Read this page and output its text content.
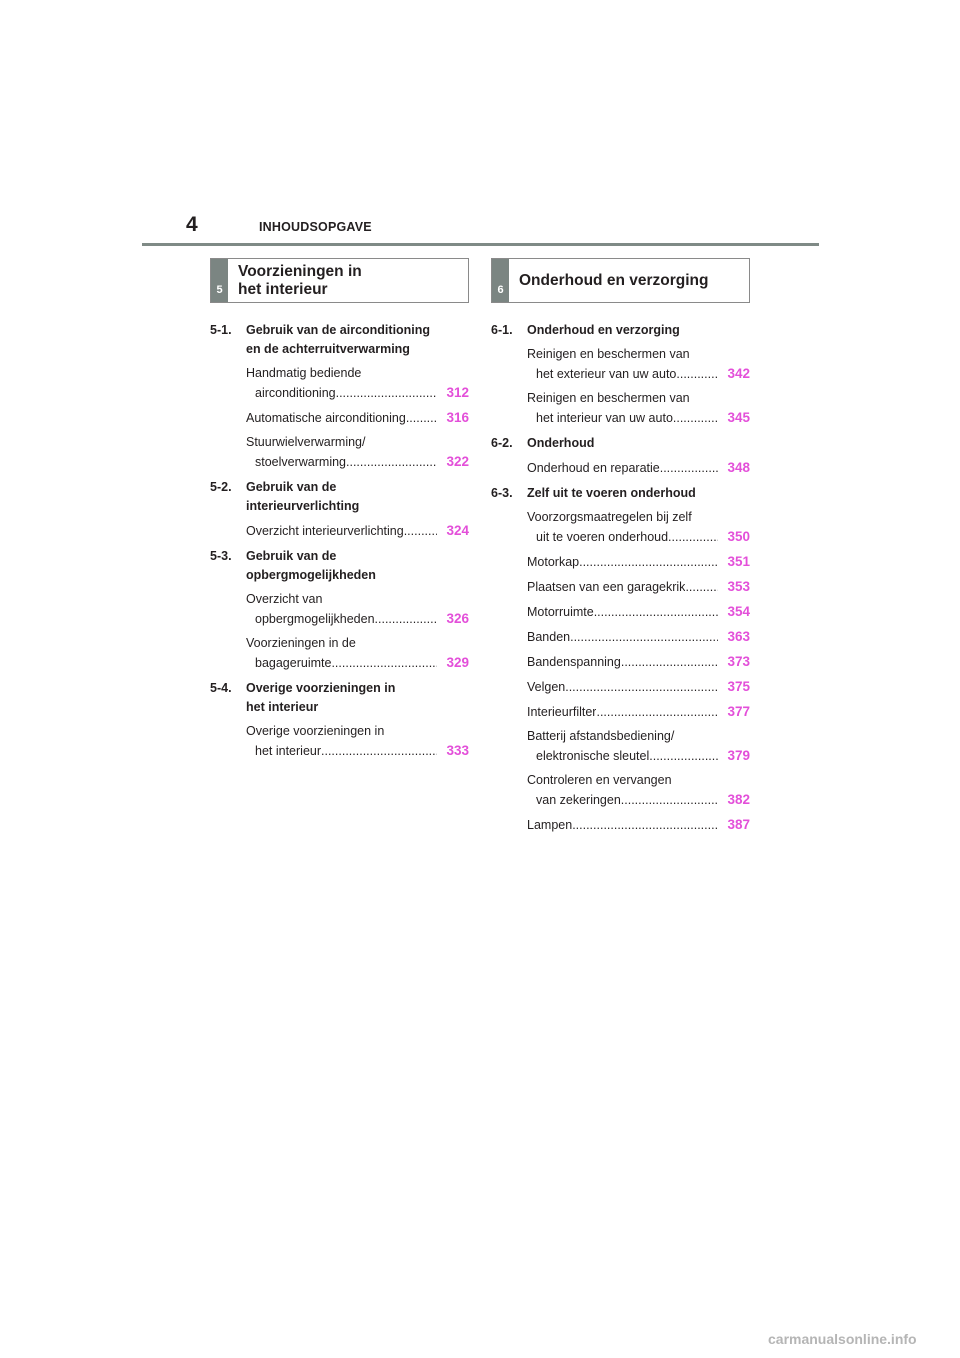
4	INHOUDSOPGAVE
5
Voorzieningen in
het interieur
5-1.	Gebruik van de airconditioning
en de achterruitverwarming
Handmatig bediende
airconditioning .....	312
Automatische airconditioning .....	316
Stuurwielverwarming/
stoelverwarming .....	322
5-2.	Gebruik van de
interieurverlichting
Overzicht interieurverlichting .....	324
5-3.	Gebruik van de
opbergmogelijkheden
Overzicht van
opbergmogelijkheden .....	326
Voorzieningen in de
bagageruimte .....	329
5-4.	Overige voorzieningen in
het interieur
Overige voorzieningen in
het interieur .....	333
6
Onderhoud en verzorging
6-1.	Onderhoud en verzorging
Reinigen en beschermen van
het exterieur van uw auto .....	342
Reinigen en beschermen van
het interieur van uw auto .....	345
6-2.	Onderhoud
Onderhoud en reparatie .....	348
6-3.	Zelf uit te voeren onderhoud
Voorzorgsmaatregelen bij zelf
uit te voeren onderhoud .....	350
Motorkap .....	351
Plaatsen van een garagekrik .....	353
Motorruimte .....	354
Banden .....	363
Bandenspanning .....	373
Velgen .....	375
Interieurfilter .....	377
Batterij afstandsbediening/
elektronische sleutel .....	379
Controleren en vervangen
van zekeringen .....	382
Lampen .....	387
carmanualsonline.info
